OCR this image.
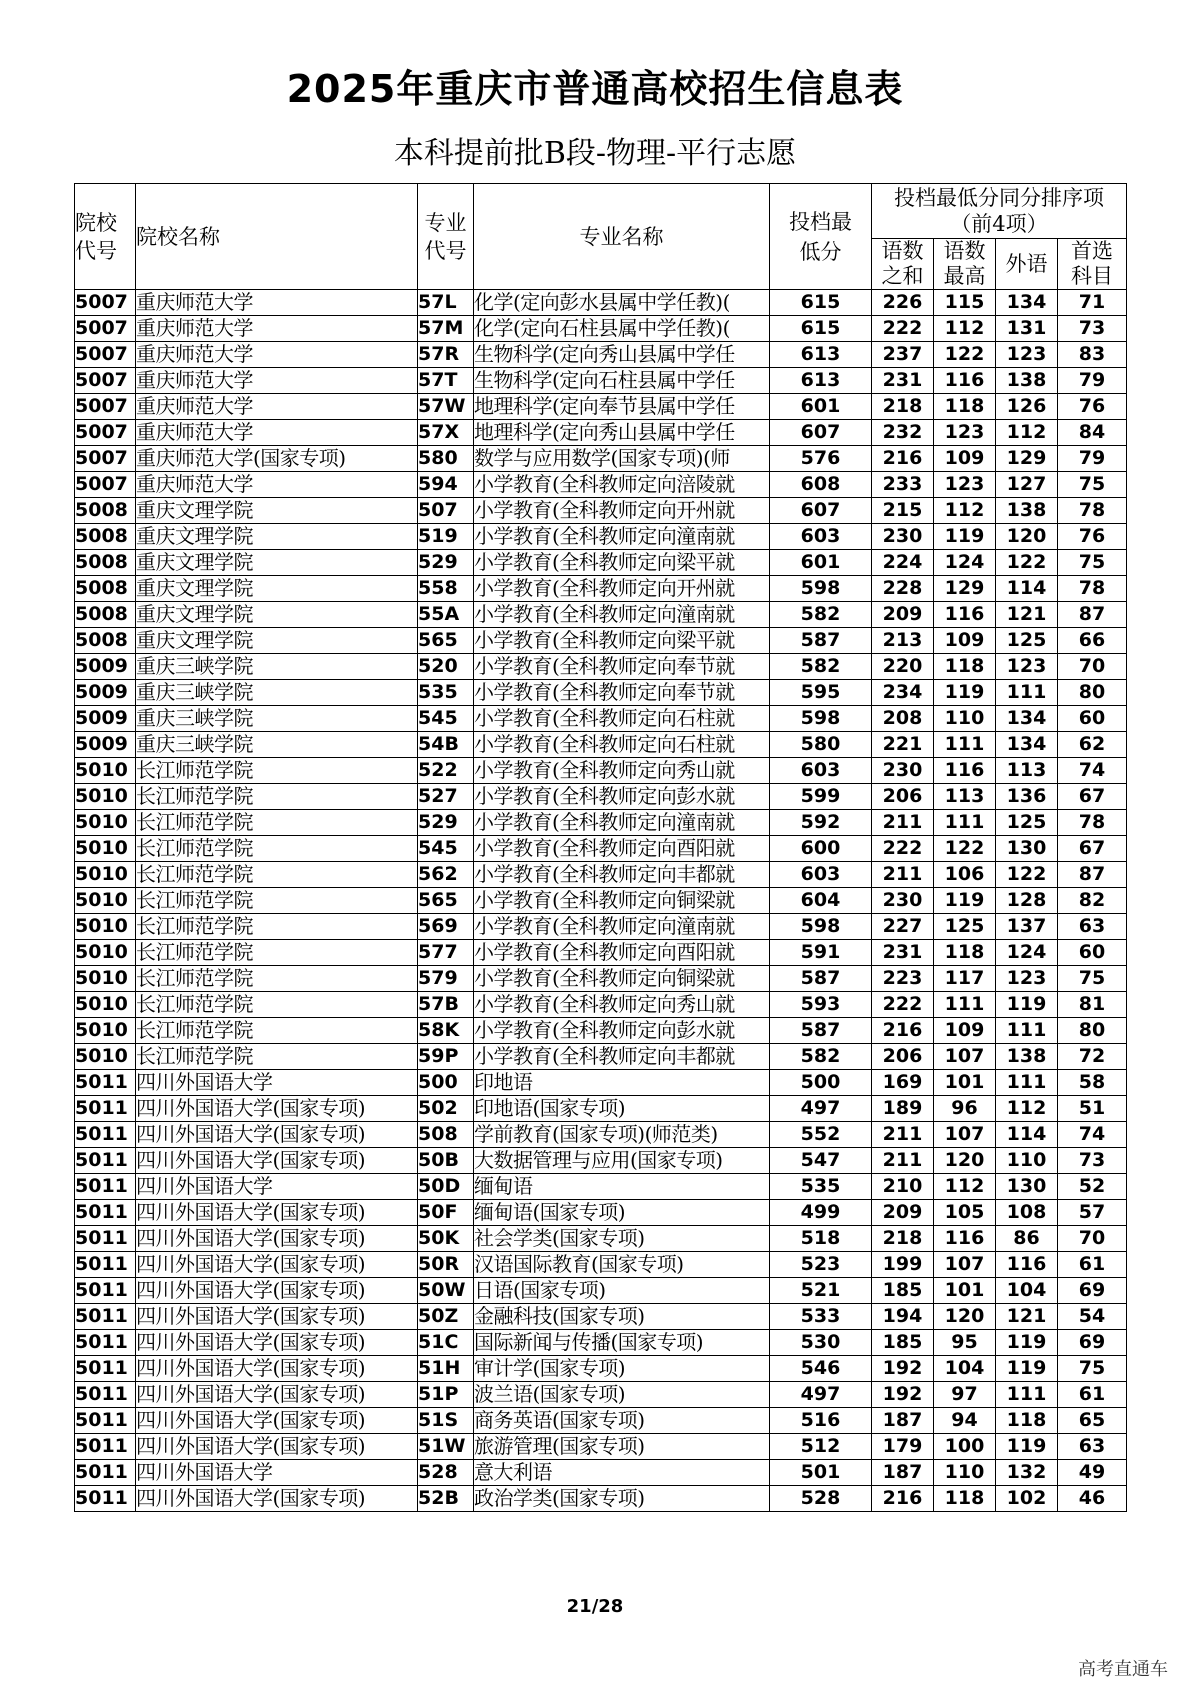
2025年重庆市普通高校招生信息表
本科提前批B段-物理-平行志愿
院校代号	院校名称	专业代号	专业名称	投档最低分	投档最低分同分排序项（前4项）			

					语数之和	语数最高	外语	首选科目

5007	重庆师范大学	57L	化学(定向彭水县属中学任教)(	615	226	115	134	71
5007	重庆师范大学	57M	化学(定向石柱县属中学任教)(	615	222	112	131	73
5007	重庆师范大学	57R	生物科学(定向秀山县属中学任	613	237	122	123	83
5007	重庆师范大学	57T	生物科学(定向石柱县属中学任	613	231	116	138	79
5007	重庆师范大学	57W	地理科学(定向奉节县属中学任	601	218	118	126	76
5007	重庆师范大学	57X	地理科学(定向秀山县属中学任	607	232	123	112	84
5007	重庆师范大学(国家专项)	580	数学与应用数学(国家专项)(师	576	216	109	129	79
5007	重庆师范大学	594	小学教育(全科教师定向涪陵就	608	233	123	127	75
5008	重庆文理学院	507	小学教育(全科教师定向开州就	607	215	112	138	78
5008	重庆文理学院	519	小学教育(全科教师定向潼南就	603	230	119	120	76
5008	重庆文理学院	529	小学教育(全科教师定向梁平就	601	224	124	122	75
5008	重庆文理学院	558	小学教育(全科教师定向开州就	598	228	129	114	78
5008	重庆文理学院	55A	小学教育(全科教师定向潼南就	582	209	116	121	87
5008	重庆文理学院	565	小学教育(全科教师定向梁平就	587	213	109	125	66
5009	重庆三峡学院	520	小学教育(全科教师定向奉节就	582	220	118	123	70
5009	重庆三峡学院	535	小学教育(全科教师定向奉节就	595	234	119	111	80
5009	重庆三峡学院	545	小学教育(全科教师定向石柱就	598	208	110	134	60
5009	重庆三峡学院	54B	小学教育(全科教师定向石柱就	580	221	111	134	62
5010	长江师范学院	522	小学教育(全科教师定向秀山就	603	230	116	113	74
5010	长江师范学院	527	小学教育(全科教师定向彭水就	599	206	113	136	67
5010	长江师范学院	529	小学教育(全科教师定向潼南就	592	211	111	125	78
5010	长江师范学院	545	小学教育(全科教师定向酉阳就	600	222	122	130	67
5010	长江师范学院	562	小学教育(全科教师定向丰都就	603	211	106	122	87
5010	长江师范学院	565	小学教育(全科教师定向铜梁就	604	230	119	128	82
5010	长江师范学院	569	小学教育(全科教师定向潼南就	598	227	125	137	63
5010	长江师范学院	577	小学教育(全科教师定向酉阳就	591	231	118	124	60
5010	长江师范学院	579	小学教育(全科教师定向铜梁就	587	223	117	123	75
5010	长江师范学院	57B	小学教育(全科教师定向秀山就	593	222	111	119	81
5010	长江师范学院	58K	小学教育(全科教师定向彭水就	587	216	109	111	80
5010	长江师范学院	59P	小学教育(全科教师定向丰都就	582	206	107	138	72
5011	四川外国语大学	500	印地语	500	169	101	111	58
5011	四川外国语大学(国家专项)	502	印地语(国家专项)	497	189	96	112	51
5011	四川外国语大学(国家专项)	508	学前教育(国家专项)(师范类)	552	211	107	114	74
5011	四川外国语大学(国家专项)	50B	大数据管理与应用(国家专项)	547	211	120	110	73
5011	四川外国语大学	50D	缅甸语	535	210	112	130	52
5011	四川外国语大学(国家专项)	50F	缅甸语(国家专项)	499	209	105	108	57
5011	四川外国语大学(国家专项)	50K	社会学类(国家专项)	518	218	116	86	70
5011	四川外国语大学(国家专项)	50R	汉语国际教育(国家专项)	523	199	107	116	61
5011	四川外国语大学(国家专项)	50W	日语(国家专项)	521	185	101	104	69
5011	四川外国语大学(国家专项)	50Z	金融科技(国家专项)	533	194	120	121	54
5011	四川外国语大学(国家专项)	51C	国际新闻与传播(国家专项)	530	185	95	119	69
5011	四川外国语大学(国家专项)	51H	审计学(国家专项)	546	192	104	119	75
5011	四川外国语大学(国家专项)	51P	波兰语(国家专项)	497	192	97	111	61
5011	四川外国语大学(国家专项)	51S	商务英语(国家专项)	516	187	94	118	65
5011	四川外国语大学(国家专项)	51W	旅游管理(国家专项)	512	179	100	119	63
5011	四川外国语大学	528	意大利语	501	187	110	132	49
5011	四川外国语大学(国家专项)	52B	政治学类(国家专项)	528	216	118	102	46
21/28
高考直通车
